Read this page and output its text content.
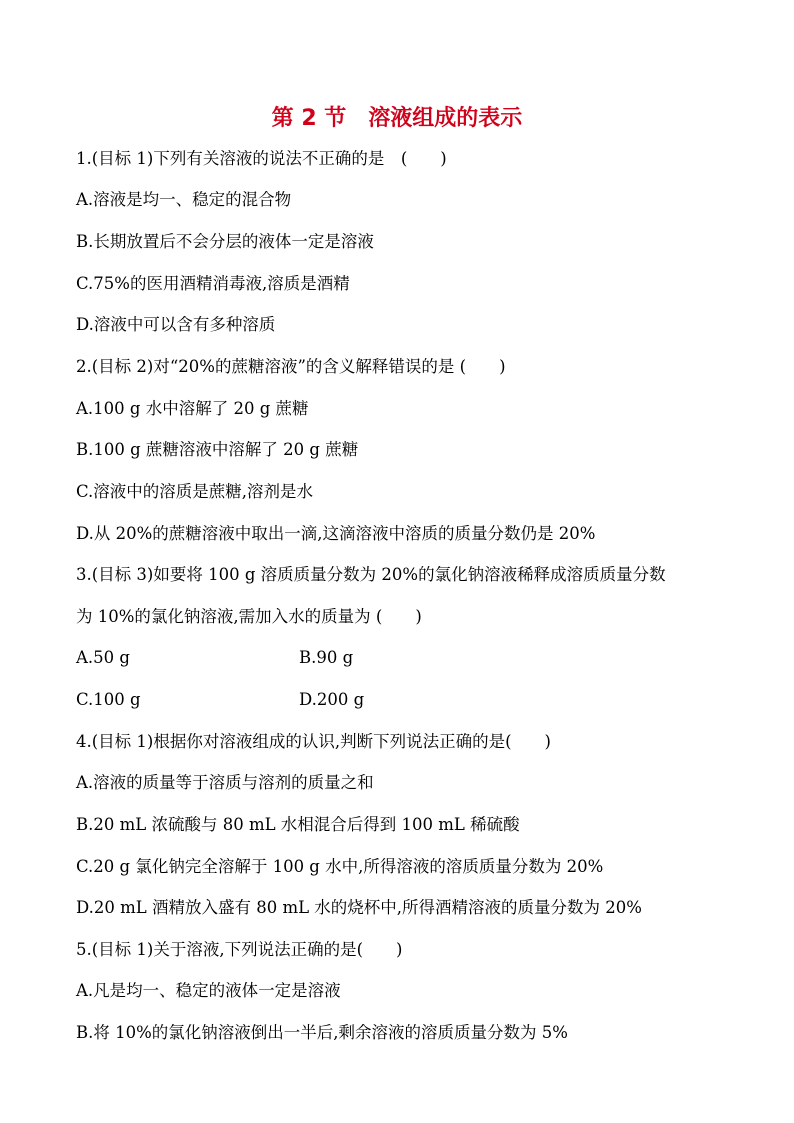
第 2 节　溶液组成的表示
1.(目标 1)下列有关溶液的说法不正确的是　(　　)
A.溶液是均一、稳定的混合物
B.长期放置后不会分层的液体一定是溶液
C.75%的医用酒精消毒液,溶质是酒精
D.溶液中可以含有多种溶质
2.(目标 2)对“20%的蔗糖溶液”的含义解释错误的是 (　　)
A.100 g 水中溶解了 20 g 蔗糖
B.100 g 蔗糖溶液中溶解了 20 g 蔗糖
C.溶液中的溶质是蔗糖,溶剂是水
D.从 20%的蔗糖溶液中取出一滴,这滴溶液中溶质的质量分数仍是 20%
3.(目标 3)如要将 100 g 溶质质量分数为 20%的氯化钠溶液稀释成溶质质量分数
为 10%的氯化钠溶液,需加入水的质量为 (　　)
A.50 g	B.90 g
C.100 g	D.200 g
4.(目标 1)根据你对溶液组成的认识,判断下列说法正确的是(　　)
A.溶液的质量等于溶质与溶剂的质量之和
B.20 mL 浓硫酸与 80 mL 水相混合后得到 100 mL 稀硫酸
C.20 g 氯化钠完全溶解于 100 g 水中,所得溶液的溶质质量分数为 20%
D.20 mL 酒精放入盛有 80 mL 水的烧杯中,所得酒精溶液的质量分数为 20%
5.(目标 1)关于溶液,下列说法正确的是(　　)
A.凡是均一、稳定的液体一定是溶液
B.将 10%的氯化钠溶液倒出一半后,剩余溶液的溶质质量分数为 5%
